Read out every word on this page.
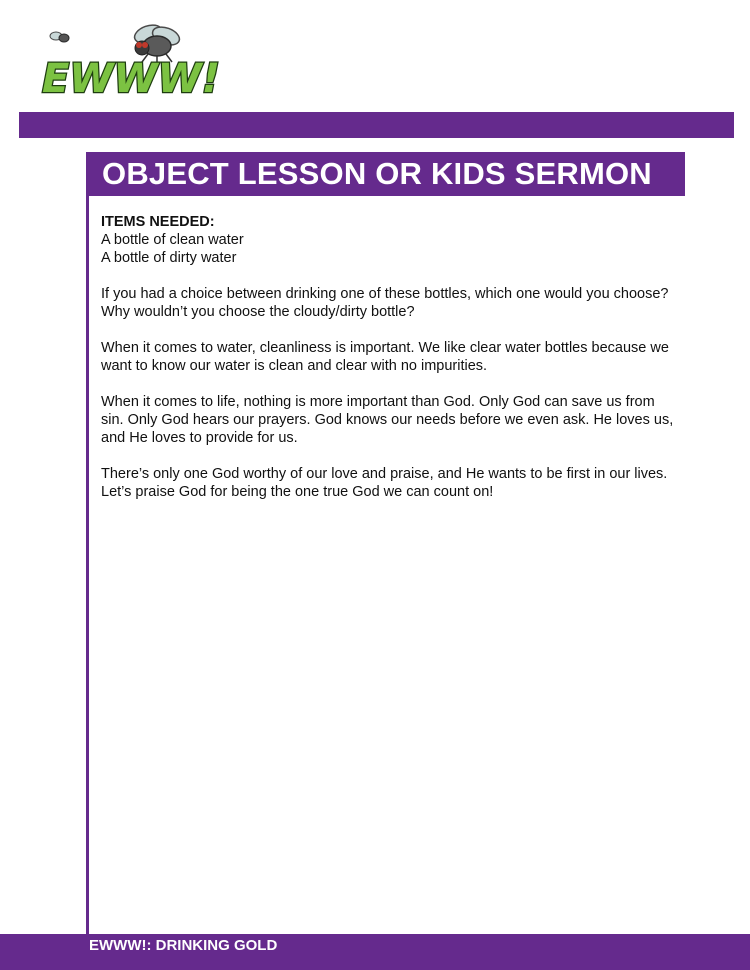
EWWW!
OBJECT LESSON OR KIDS SERMON
ITEMS NEEDED:
A bottle of clean water
A bottle of dirty water

If you had a choice between drinking one of these bottles, which one would you choose? Why wouldn’t you choose the cloudy/dirty bottle?

When it comes to water, cleanliness is important. We like clear water bottles because we want to know our water is clean and clear with no impurities.

When it comes to life, nothing is more important than God. Only God can save us from sin. Only God hears our prayers. God knows our needs before we even ask. He loves us, and He loves to provide for us.

There’s only one God worthy of our love and praise, and He wants to be first in our lives. Let’s praise God for being the one true God we can count on!

EWWW!: DRINKING GOLD
